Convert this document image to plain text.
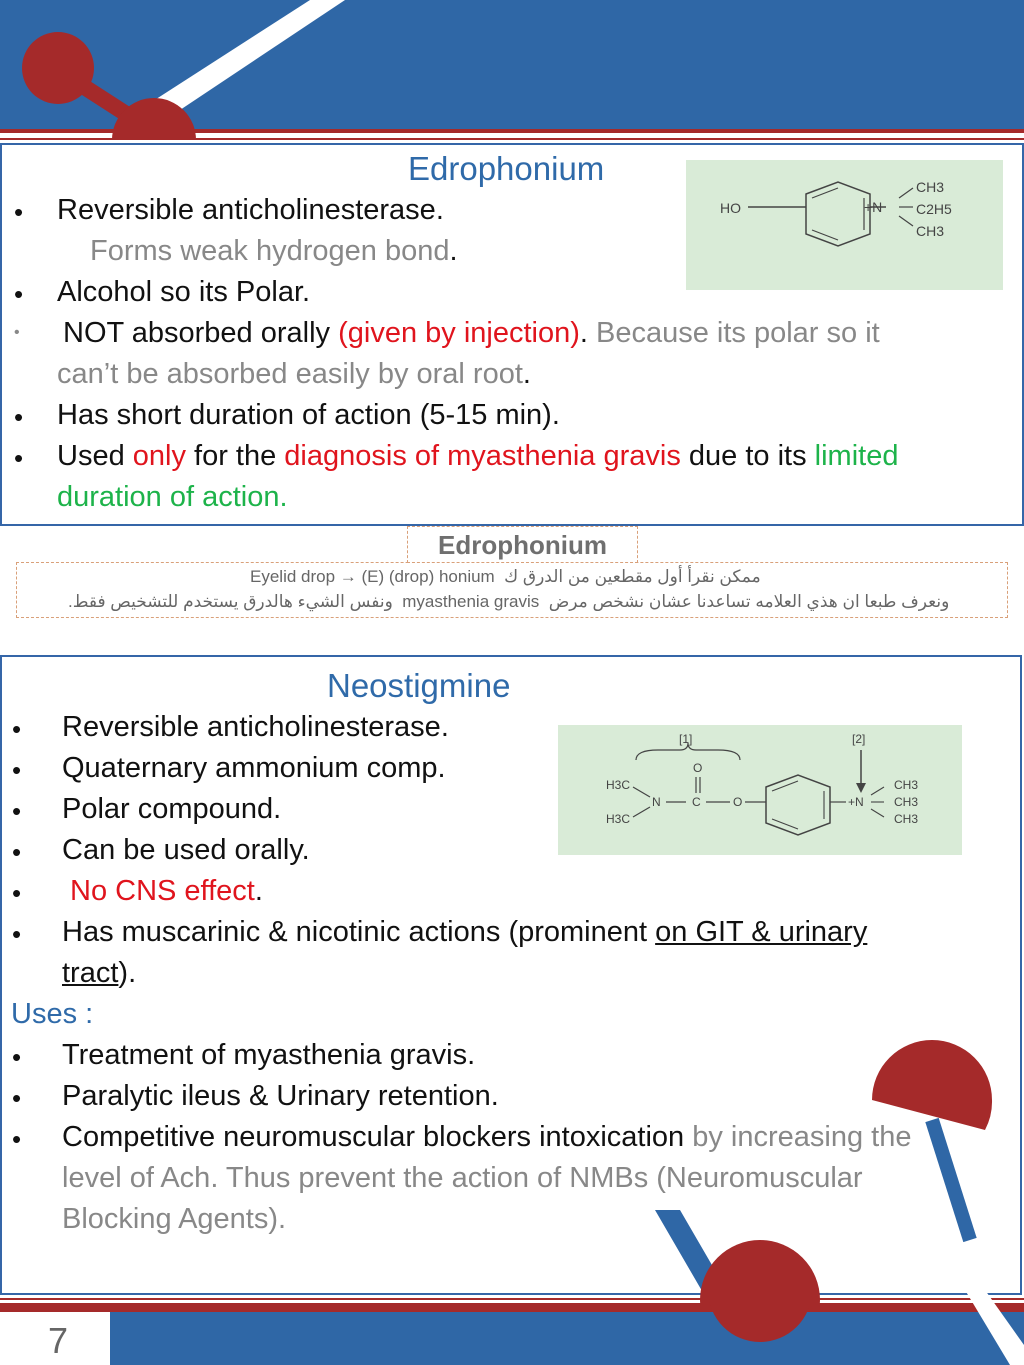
Edrophonium
• Reversible anticholinesterase.
Forms weak hydrogen bond.
• Alcohol so its Polar.
• NOT absorbed orally (given by injection). Because its polar so it
can’t be absorbed easily by oral root.
• Has short duration of action (5-15 min).
• Used only for the diagnosis of myasthenia gravis due to its limited
duration of action.
HO	+N
CH3
C2H5
CH3
Edrophonium
Eyelid drop → (E) (drop) honium ممكن نقرأ أول مقطعين من الدرق ك
ونفس الشيء هالدرق يستخدم للتشخيص فقط. myasthenia gravis ونعرف طبعا ان هذي العلامه تساعدنا عشان نشخص مرض
Neostigmine
• Reversible anticholinesterase.
• Quaternary ammonium comp.
• Polar compound.
• Can be used orally.
• No CNS effect.
• Has muscarinic & nicotinic actions (prominent on GIT & urinary
tract).
Uses :
• Treatment of myasthenia gravis.
• Paralytic ileus & Urinary retention.
• Competitive neuromuscular blockers intoxication by increasing the
level of Ach. Thus prevent the action of NMBs (Neuromuscular
Blocking Agents).
[1]	[2]
H3C
H3C
N	C
O
O	+N
CH3
CH3
CH3
7
